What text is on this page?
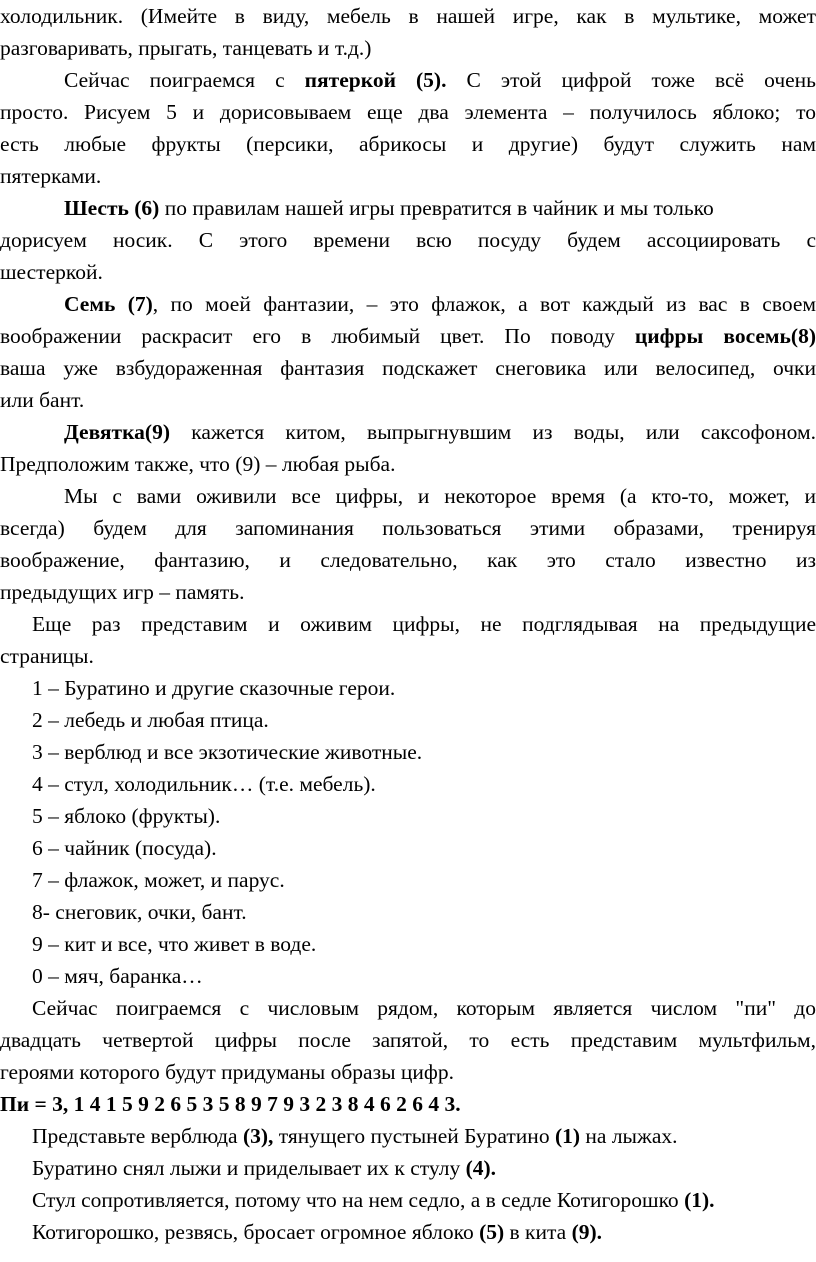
холодильник. (Имейте в виду, мебель в нашей игре, как в мультике, может
разговаривать, прыгать, танцевать и т.д.)
Сейчас поиграемся с пятеркой (5). С этой цифрой тоже всё очень
просто. Рисуем 5 и дорисовываем еще два элемента – получилось яблоко; то
есть любые фрукты (персики, абрикосы и другие) будут служить нам
пятерками.
Шесть (6) по правилам нашей игры превратится в чайник и мы только
дорисуем носик. С этого времени всю посуду будем ассоциировать с
шестеркой.
Семь (7), по моей фантазии, – это флажок, а вот каждый из вас в своем
воображении раскрасит его в любимый цвет. По поводу цифры восемь(8)
ваша уже взбудораженная фантазия подскажет снеговика или велосипед, очки
или бант.
Девятка(9) кажется китом, выпрыгнувшим из воды, или саксофоном.
Предположим также, что (9) – любая рыба.
Мы с вами оживили все цифры, и некоторое время (а кто-то, может, и
всегда) будем для запоминания пользоваться этими образами, тренируя
воображение, фантазию, и следовательно, как это стало известно из
предыдущих игр – память.
Еще раз представим и оживим цифры, не подглядывая на предыдущие
страницы.
1 – Буратино и другие сказочные герои.
2 – лебедь и любая птица.
3 – верблюд и все экзотические животные.
4 – стул, холодильник… (т.е. мебель).
5 – яблоко (фрукты).
6 – чайник (посуда).
7 – флажок, может, и парус.
8- снеговик, очки, бант.
9 – кит и все, что живет в воде.
0 – мяч, баранка…
Сейчас поиграемся с числовым рядом, которым является числом "пи" до
двадцать четвертой цифры после запятой, то есть представим мультфильм,
героями которого будут придуманы образы цифр.
Пи = 3, 1 4 1 5 9 2 6 5 3 5 8 9 7 9 3 2 3 8 4 6 2 6 4 3.
Представьте верблюда (3), тянущего пустыней Буратино (1) на лыжах.
Буратино снял лыжи и приделывает их к стулу (4).
Стул сопротивляется, потому что на нем седло, а в седле Котигорошко (1).
Котигорошко, резвясь, бросает огромное яблоко (5) в кита (9).
